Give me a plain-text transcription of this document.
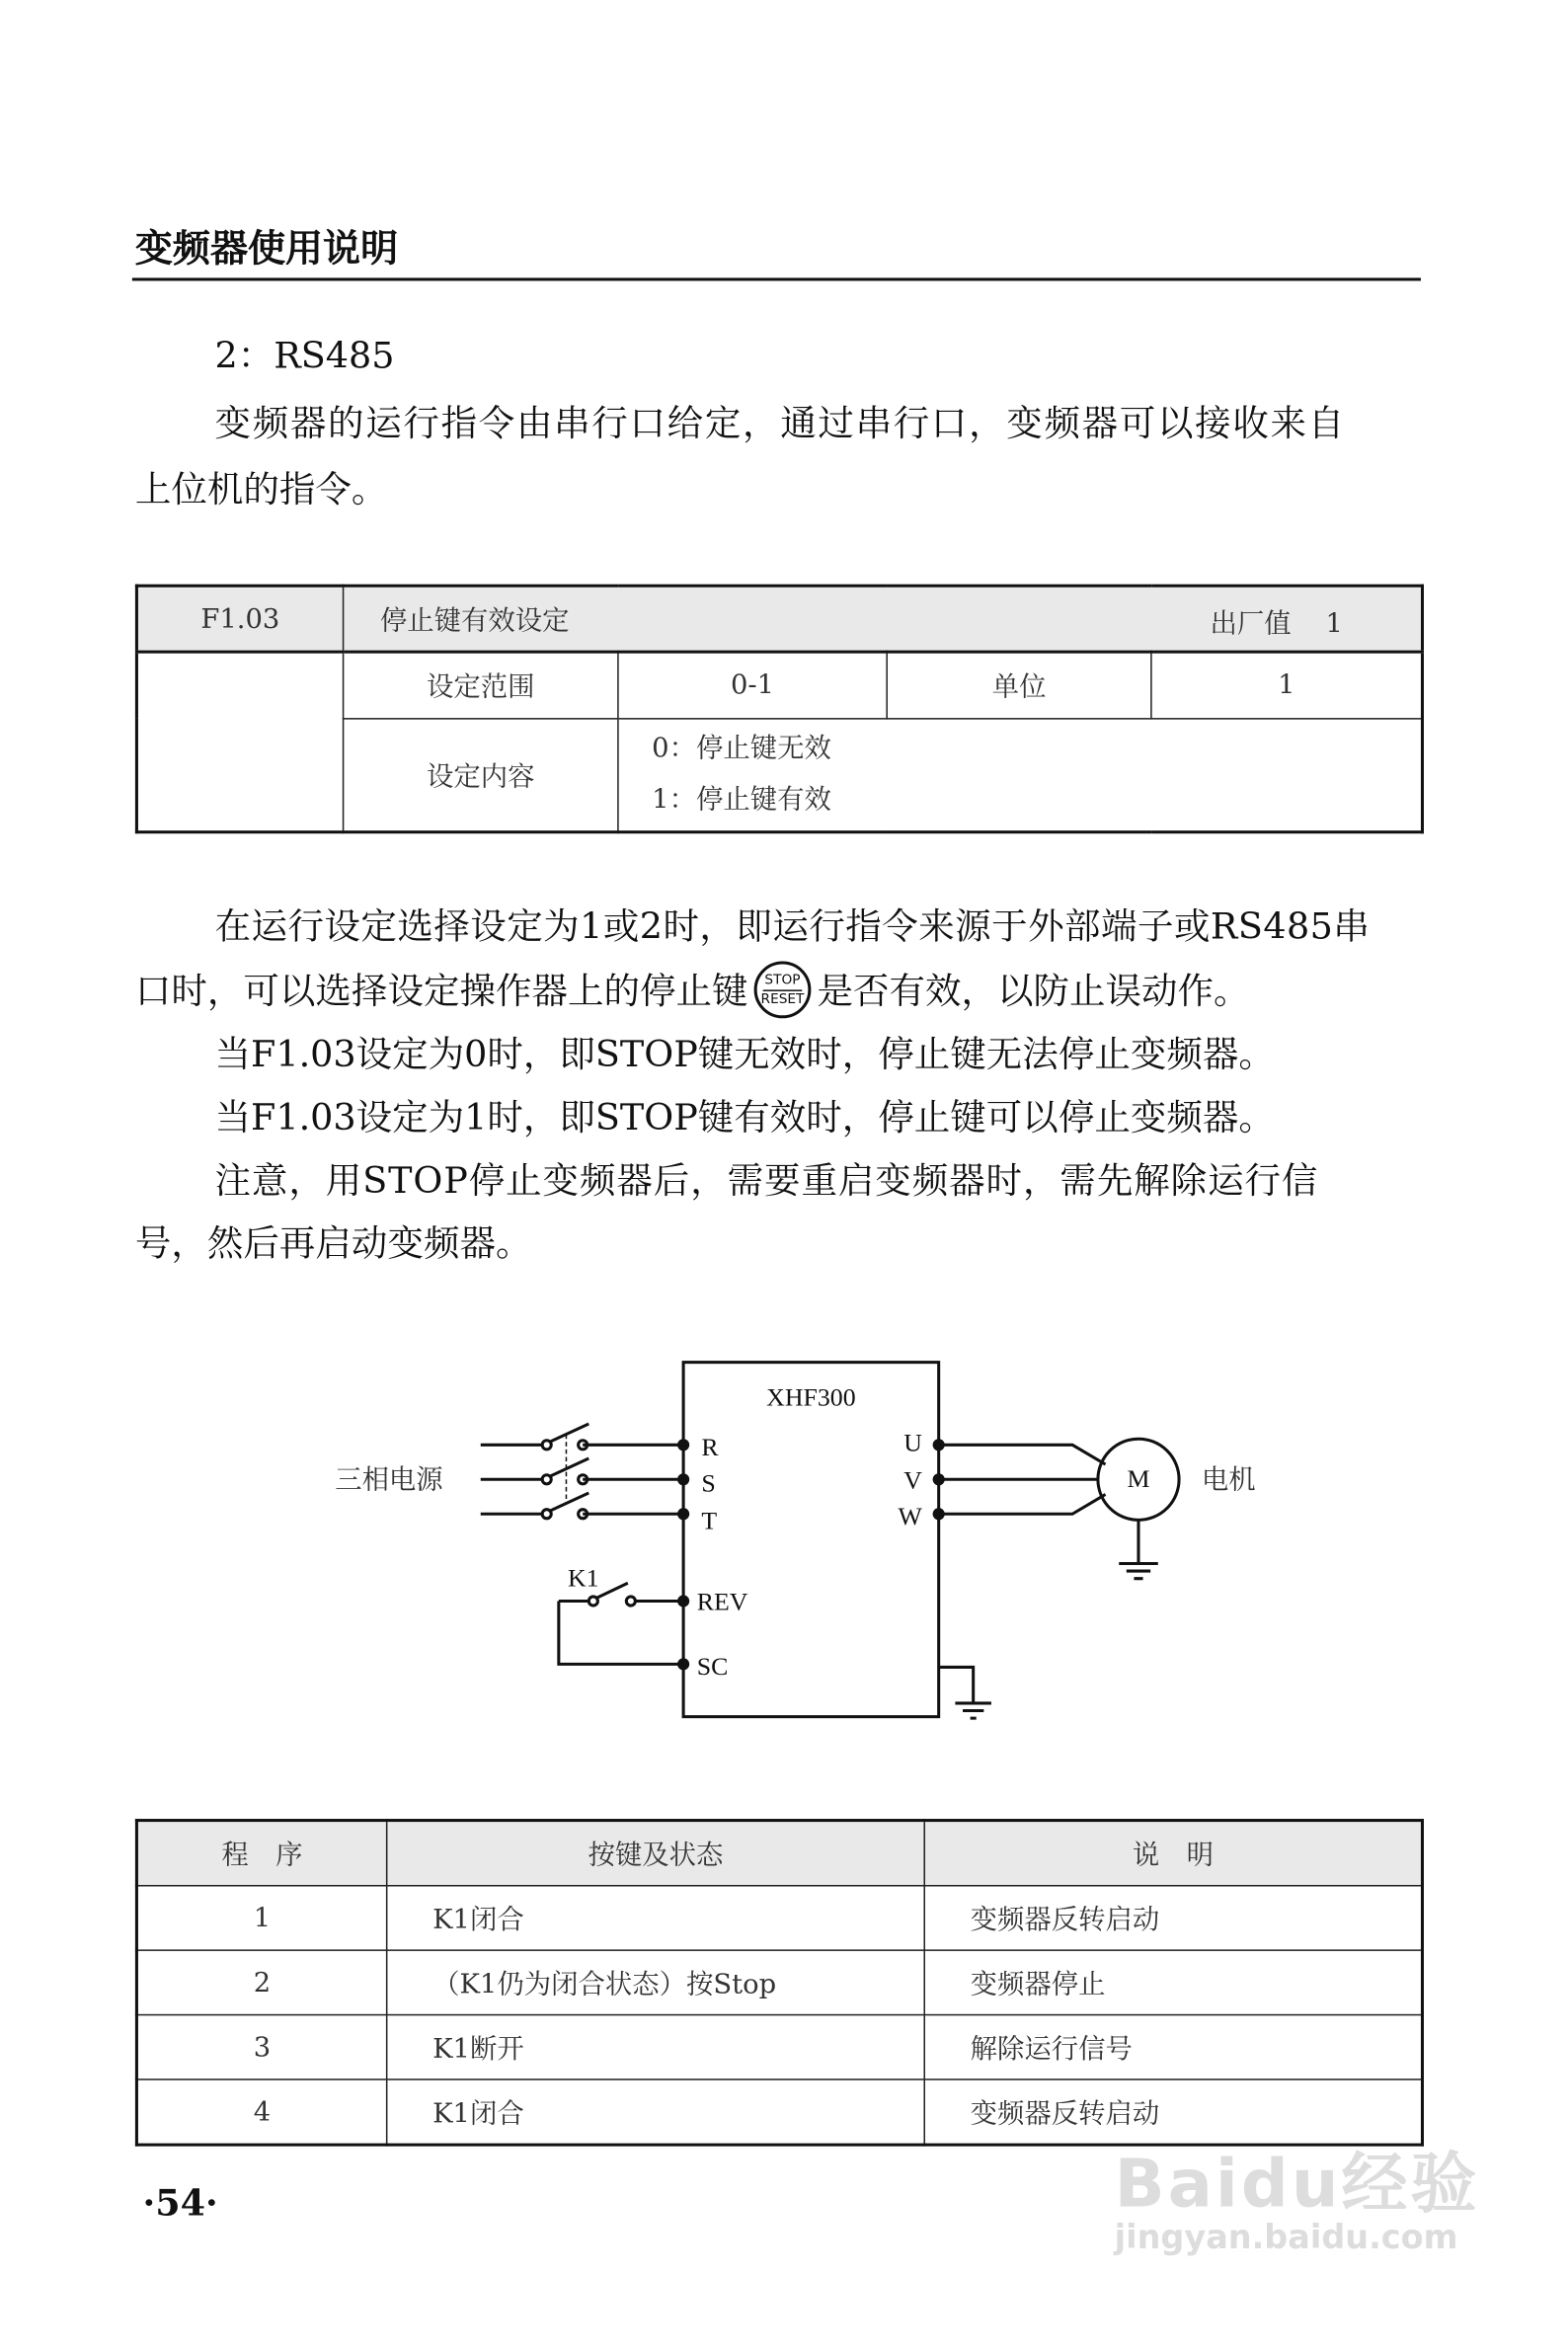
变频器使用说明
2：RS485
变频器的运行指令由串行口给定，通过串行口，变频器可以接收来自
上位机的指令。
F1.03	停止键有效设定 出厂值 1			

	设定范围	0-1	单位	1
	设定内容	0：停止键无效
1：停止键有效		
在运行设定选择设定为1或2时，即运行指令来源于外部端子或RS485串
口时，可以选择设定操作器上的停止键 STOP
RESET 是否有效，以防止误动作。
当F1.03设定为0时，即STOP键无效时，停止键无法停止变频器。
当F1.03设定为1时，即STOP键有效时，停止键可以停止变频器。
注意，用STOP停止变频器后，需要重启变频器时，需先解除运行信
号，然后再启动变频器。
XHF300
三相电源
R
S
T
REV
SC
U
V
W
K1
M	电机
程　序	按键及状态	说　明
1	K1闭合	变频器反转启动
2	（K1仍为闭合状态）按Stop	变频器停止
3	K1断开	解除运行信号
4	K1闭合	变频器反转启动
·54·	Baidu经验
jingyan.baidu.com
